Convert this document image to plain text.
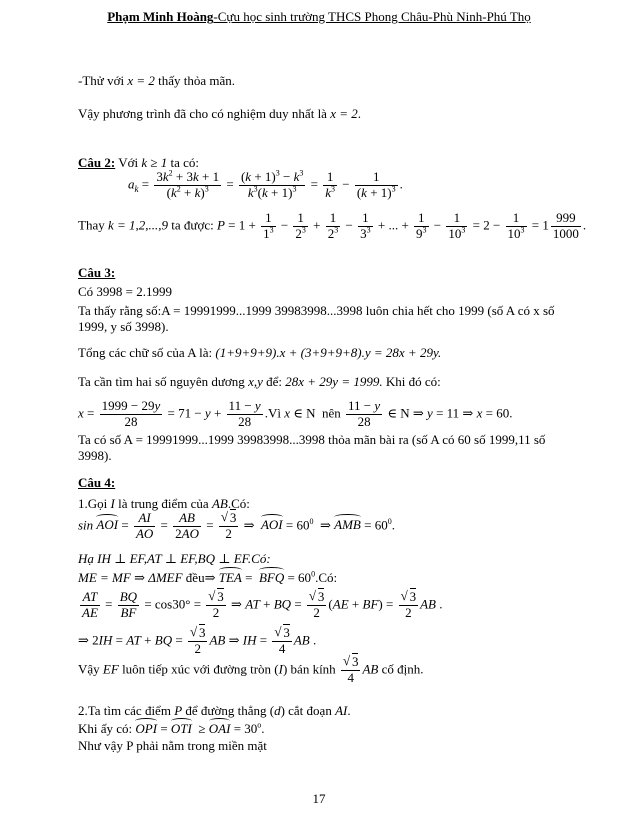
Phạm Minh Hoàng-Cựu học sinh trường THCS Phong Châu-Phù Ninh-Phú Thọ
-Thử với x = 2 thấy thỏa mãn.
Vậy phương trình đã cho có nghiệm duy nhất là x = 2.
Câu 2: Với k ≥ 1 ta có:
$a_k = \frac{3k^2 + 3k + 1}{(k^2 + k)^3} = \frac{(k + 1)^3 - k^3}{k^3(k + 1)^3} = \frac{1}{k^3} - \frac{1}{(k + 1)^3}$ .
Thay k = 1,2,...,9 ta được: $P = 1 + \frac{1}{1^3} - \frac{1}{2^3} + \frac{1}{2^3} - \frac{1}{3^3}$ + ... + $\frac{1}{9^3} - \frac{1}{10^3} = 2 - \frac{1}{10^3} = 1 \frac{999}{1000}$ .
Câu 3:
Có 3998 = 2.1999
Ta thấy rằng số:A = 19991999...1999 39983998...3998 luôn chia hết cho 1999 (số A có x số 1999, y số 3998).
Tổng các chữ số của A là: (1+9+9+9).x + (3+9+9+8).y = 28x + 29y.
Ta cần tìm hai số nguyên dương x,y để: 28x + 29y = 1999. Khi đó có:
$x = \frac{1999 - 29y}{28} = 71 - y + \frac{11 - y}{28}$ .Vì x ∈ N  nên $\frac{11 - y}{28}$ ∈ N ⇒ y = 11 ⇒ x = 60.
Ta có số A = 19991999...1999 39983998...3998 thỏa mãn bài ra (số A có 60 số 1999,11 số 3998).
Câu 4:
1.Gọi I là trung điểm của AB.Có:
sin AOI = $\frac{AI}{AO} = \frac{AB}{2AO}$ = √ $\frac{3}{2}$ ⇒  AOI = $60^0$  ⇒ AMB = $60^0$.
Hạ IH ⊥ EF,AT ⊥ EF,BQ ⊥ EF.Có:
ME = MF ⇒ ΔMEF đều⇒ TEA =  BFQ = $60^0.Có$:
$\frac{AT}{AE} = \frac{BQ}{BF} = \cos 30^\circ$ = √ $\frac{3}{2}$ ⇒ AT + BQ = √ $\frac{3}{2} (AE + BF)$ = √ $\frac{3}{2}$ AB .
⇒ 2IH = AT + BQ = √ $\frac{3}{2}$ AB ⇒ IH = √ $\frac{3}{4}$ AB .
Vậy EF luôn tiếp xúc với đường tròn (I) bán kính √ $\frac{3}{4}$ AB cố định.
2.Ta tìm các điểm P để đường thẳng (d) cắt đoạn AI.
Khi ấy có: OPI = OTI  ≥ OAI = $30^o$.
Như vậy P phải nằm trong miền mặt
17
